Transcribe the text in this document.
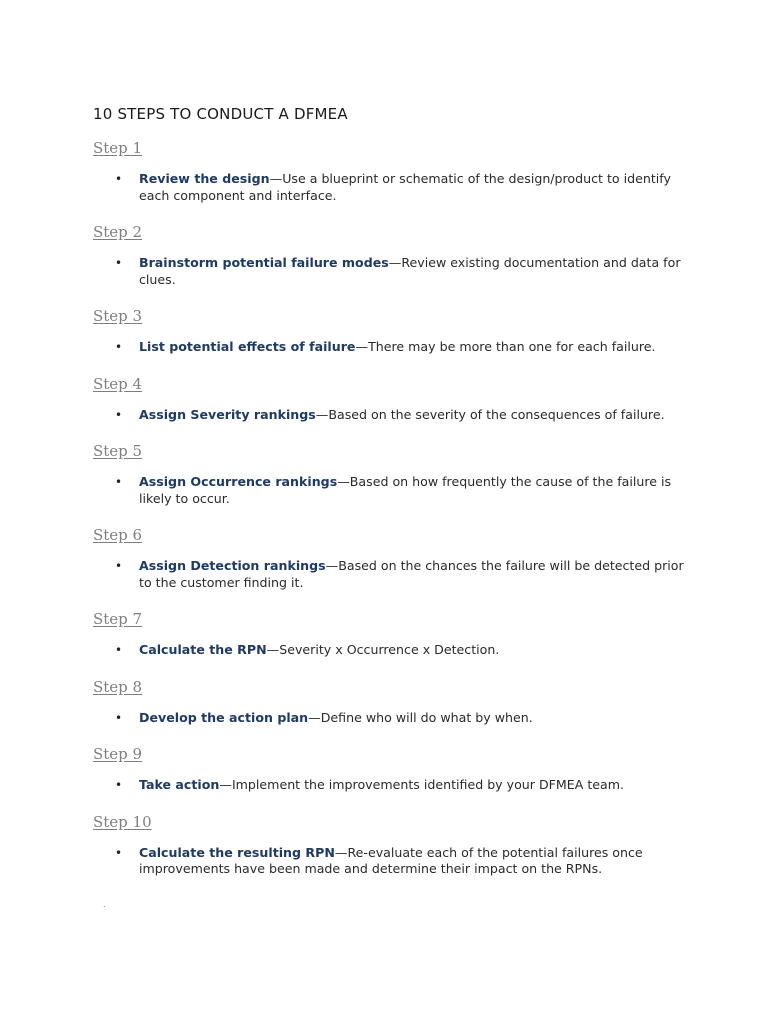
10 STEPS TO CONDUCT A DFMEA
Step 1
• Review the design—Use a blueprint or schematic of the design/product to identify each component and interface.
Step 2
• Brainstorm potential failure modes—Review existing documentation and data for clues.
Step 3
• List potential effects of failure—There may be more than one for each failure.
Step 4
• Assign Severity rankings—Based on the severity of the consequences of failure.
Step 5
• Assign Occurrence rankings—Based on how frequently the cause of the failure is likely to occur.
Step 6
• Assign Detection rankings—Based on the chances the failure will be detected prior to the customer finding it.
Step 7
• Calculate the RPN—Severity x Occurrence x Detection.
Step 8
• Develop the action plan—Define who will do what by when.
Step 9
• Take action—Implement the improvements identified by your DFMEA team.
Step 10
• Calculate the resulting RPN—Re-evaluate each of the potential failures once improvements have been made and determine their impact on the RPNs.
.
